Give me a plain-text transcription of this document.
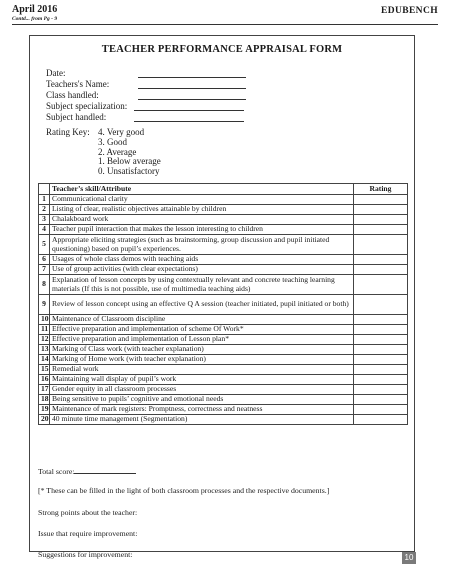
April 2016
Contd... from Pg - 9
EDUBENCH
TEACHER PERFORMANCE APPRAISAL FORM
Date:
Teachers's Name:
Class handled:
Subject specialization:
Subject handled:
Rating Key: 4. Very good
3. Good
2. Average
1. Below average
0. Unsatisfactory
	Teacher’s skill/Attribute	Rating
1	Communicational clarity	
2	Listing of clear, realistic objectives attainable by children	
3	Chalakboard work	
4	Teacher pupil interaction that makes the lesson interesting to children	
5	Appropriate eliciting strategies (such as brainstorming, group discussion and pupil initiated questioning) based on pupil’s experiences.	
6	Usages of whole class demos with teaching aids	
7	Use of group activities (with clear expectations)	
8	Explanation of lesson concepts by using contextually relevant and concrete teaching learning materials (If this is not possible, use of multimedia teaching aids)	
9	Review of lesson concept using an effective Q A session (teacher initiated, pupil initiated or both)	
10	Maintenance of Classroom discipline	
11	Effective preparation and implementation of scheme Of Work*	
12	Effective preparation and implementation of Lesson plan*	
13	Marking of Class work (with teacher explanation)	
14	Marking of Home work (with teacher explanation)	
15	Remedial work	
16	Maintaining wall display of pupil’s work	
17	Gender equity in all classroom processes	
18	Being sensitive to pupils’ cognitive and emotional needs	
19	Maintenance of mark registers: Promptness, correctness and neatness	
20	40 minute time management (Segmentation)	
Total score:
[* These can be filled in the light of both classroom processes and the respective documents.]
Strong points about the teacher:
Issue that require improvement:
Suggestions for improvement:	10
